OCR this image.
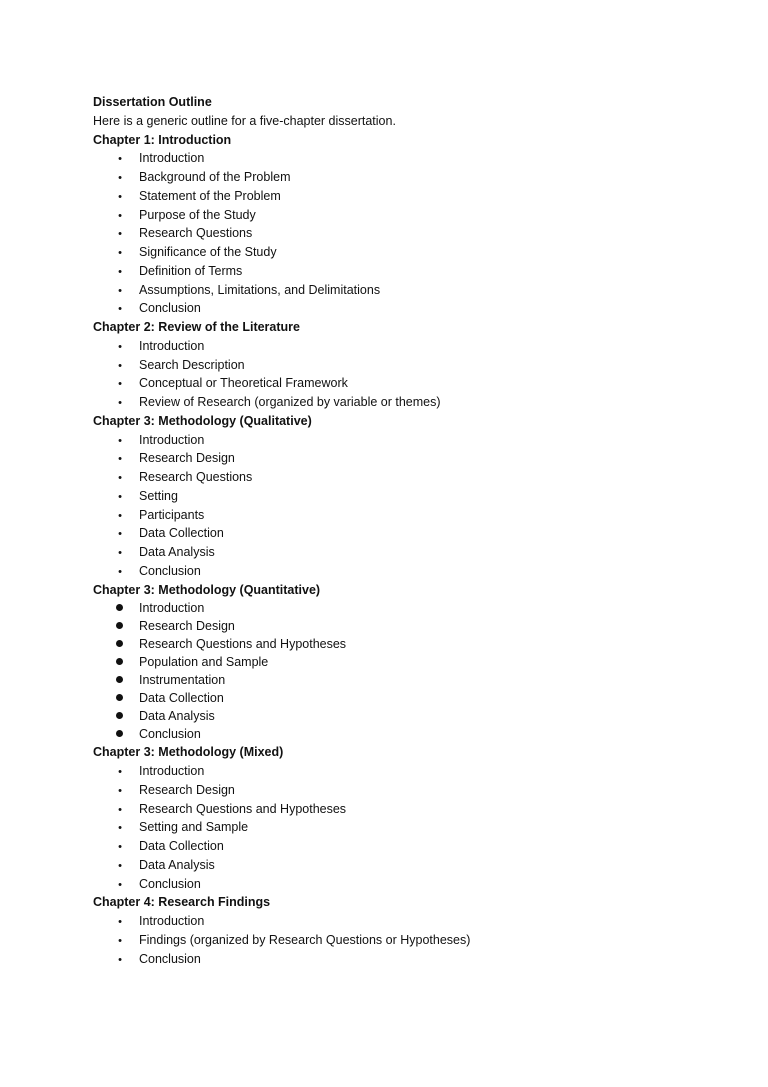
Dissertation Outline
Here is a generic outline for a five-chapter dissertation.
Chapter 1: Introduction
•
Introduction
•
Background of the Problem
•
Statement of the Problem
•
Purpose of the Study
•
Research Questions
•
Significance of the Study
•
Definition of Terms
•
Assumptions, Limitations, and Delimitations
•
Conclusion
Chapter 2: Review of the Literature
•
Introduction
•
Search Description
•
Conceptual or Theoretical Framework
•
Review of Research (organized by variable or themes)
Chapter 3: Methodology (Qualitative)
•
Introduction
•
Research Design
•
Research Questions
•
Setting
•
Participants
•
Data Collection
•
Data Analysis
•
Conclusion
Chapter 3: Methodology (Quantitative)
Introduction
Research Design
Research Questions and Hypotheses
Population and Sample
Instrumentation
Data Collection
Data Analysis
Conclusion
Chapter 3: Methodology (Mixed)
•
Introduction
•
Research Design
•
Research Questions and Hypotheses
•
Setting and Sample
•
Data Collection
•
Data Analysis
•
Conclusion
Chapter 4: Research Findings
•
Introduction
•
Findings (organized by Research Questions or Hypotheses)
•
Conclusion
